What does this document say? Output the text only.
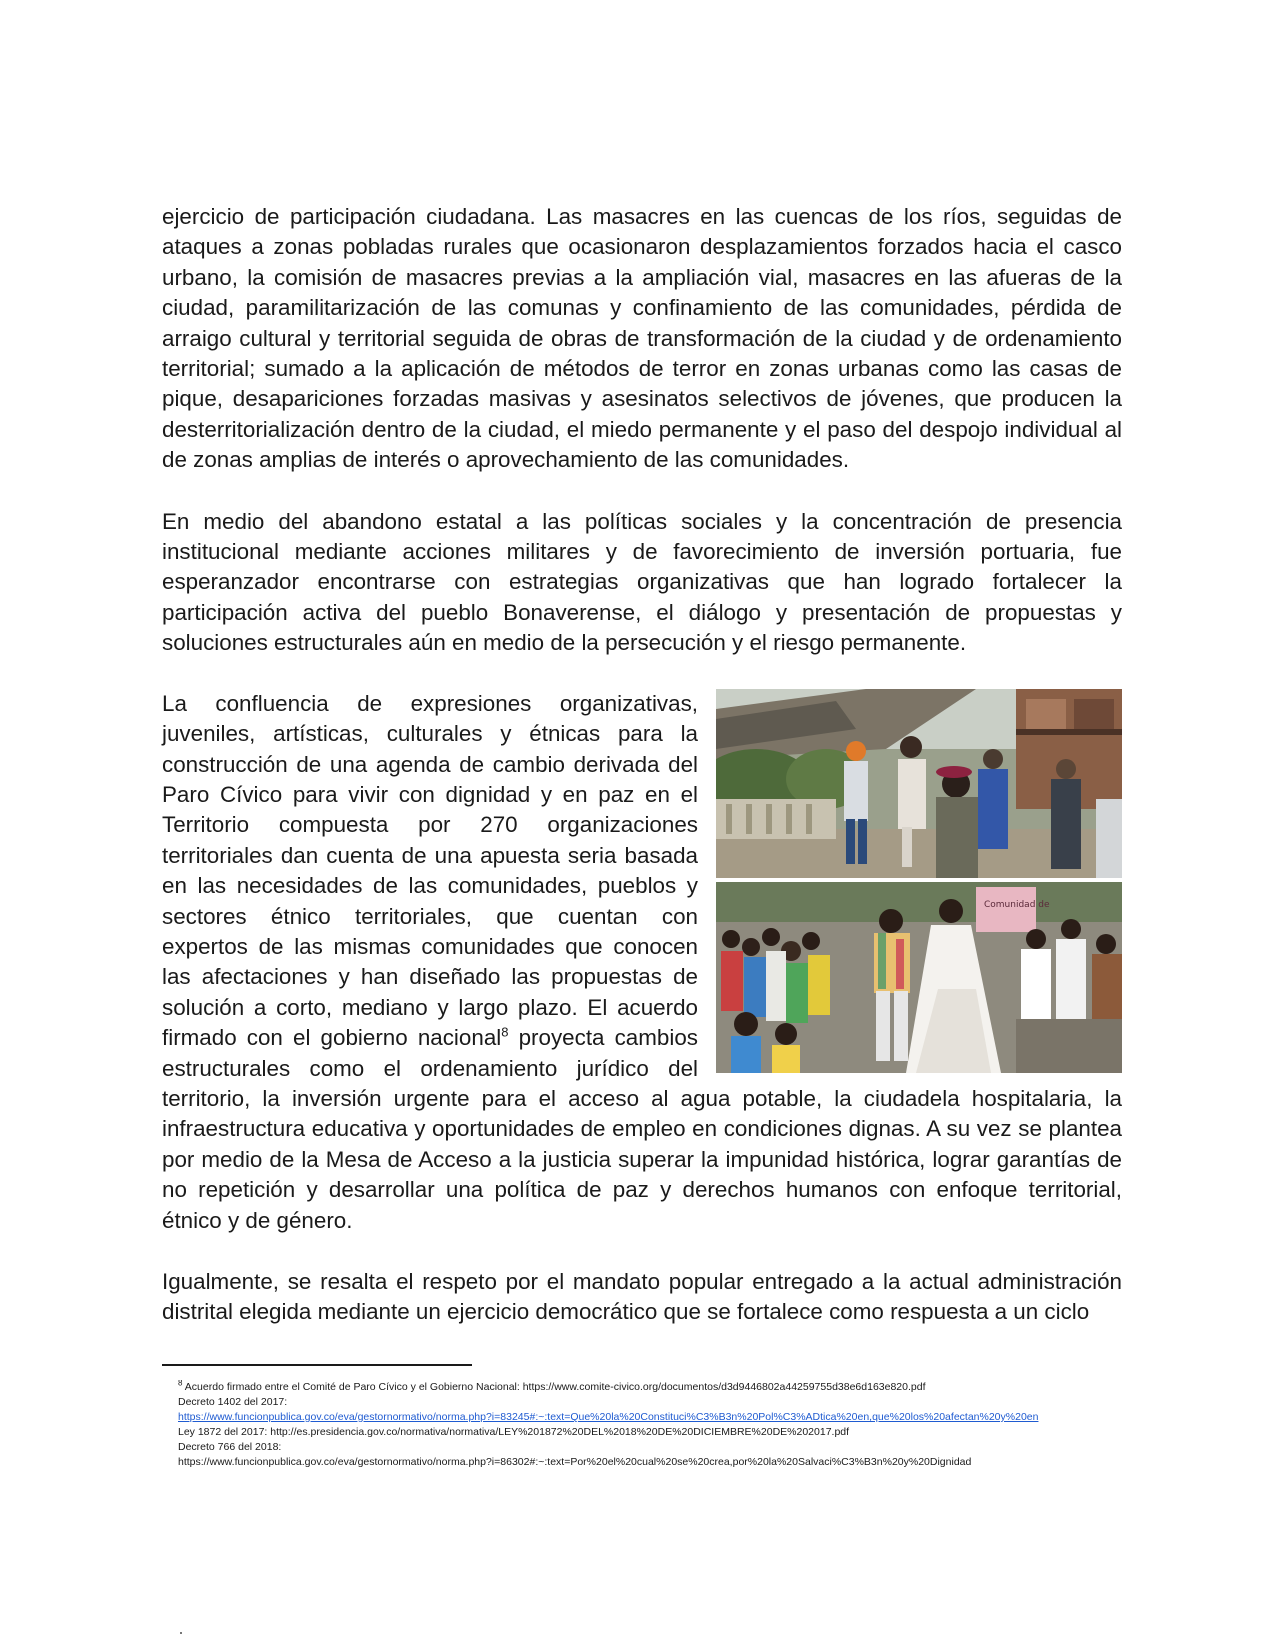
ejercicio de participación ciudadana. Las masacres en las cuencas de los ríos, seguidas de ataques a zonas pobladas rurales que ocasionaron desplazamientos forzados hacia el casco urbano, la comisión de masacres previas a la ampliación vial, masacres en las afueras de la ciudad, paramilitarización de las comunas y confinamiento de las comunidades, pérdida de arraigo cultural y territorial seguida de obras de transformación de la ciudad y de ordenamiento territorial; sumado a la aplicación de métodos de terror en zonas urbanas como las casas de pique, desapariciones forzadas masivas y asesinatos selectivos de jóvenes, que producen la desterritorialización dentro de la ciudad, el miedo permanente y el paso del despojo individual al de zonas amplias de interés o aprovechamiento de las comunidades.

En medio del abandono estatal a las políticas sociales y la concentración de presencia institucional mediante acciones militares y de favorecimiento de inversión portuaria, fue esperanzador encontrarse con estrategias organizativas que han logrado fortalecer la participación activa del pueblo Bonaverense, el diálogo y presentación de propuestas y soluciones estructurales aún en medio de la persecución y el riesgo permanente.

Comunidad de
La confluencia de expresiones organizativas, juveniles, artísticas, culturales y étnicas para la construcción de una agenda de cambio derivada del Paro Cívico para vivir con dignidad y en paz en el Territorio compuesta por 270 organizaciones territoriales dan cuenta de una apuesta seria basada en las necesidades de las comunidades, pueblos y sectores étnico territoriales, que cuentan con expertos de las mismas comunidades que conocen las afectaciones y han diseñado las propuestas de solución a corto, mediano y largo plazo. El acuerdo firmado con el gobierno nacional$^8$ proyecta cambios estructurales como el ordenamiento jurídico del territorio, la inversión urgente para el acceso al agua potable, la ciudadela hospitalaria, la infraestructura educativa y oportunidades de empleo en condiciones dignas. A su vez se plantea por medio de la Mesa de Acceso a la justicia superar la impunidad histórica, lograr garantías de no repetición y desarrollar una política de paz y derechos humanos con enfoque territorial, étnico y de género.

Igualmente, se resalta el respeto por el mandato popular entregado a la actual administración distrital elegida mediante un ejercicio democrático que se fortalece como respuesta a un ciclo

$^8$ Acuerdo firmado entre el Comité de Paro Cívico y el Gobierno Nacional: https://www.comite-civico.org/documentos/d3d9446802a44259755d38e6d163e820.pdf
Decreto 1402 del 2017:
https://www.funcionpublica.gov.co/eva/gestornormativo/norma.php?i=83245#:~:text=Que%20la%20Constituci%C3%B3n%20Pol%C3%ADtica%20en,que%20los%20afectan%20y%20en
Ley 1872 del 2017: http://es.presidencia.gov.co/normativa/normativa/LEY%201872%20DEL%2018%20DE%20DICIEMBRE%20DE%202017.pdf
Decreto 766 del 2018:
https://www.funcionpublica.gov.co/eva/gestornormativo/norma.php?i=86302#:~:text=Por%20el%20cual%20se%20crea,por%20la%20Salvaci%C3%B3n%20y%20Dignidad
